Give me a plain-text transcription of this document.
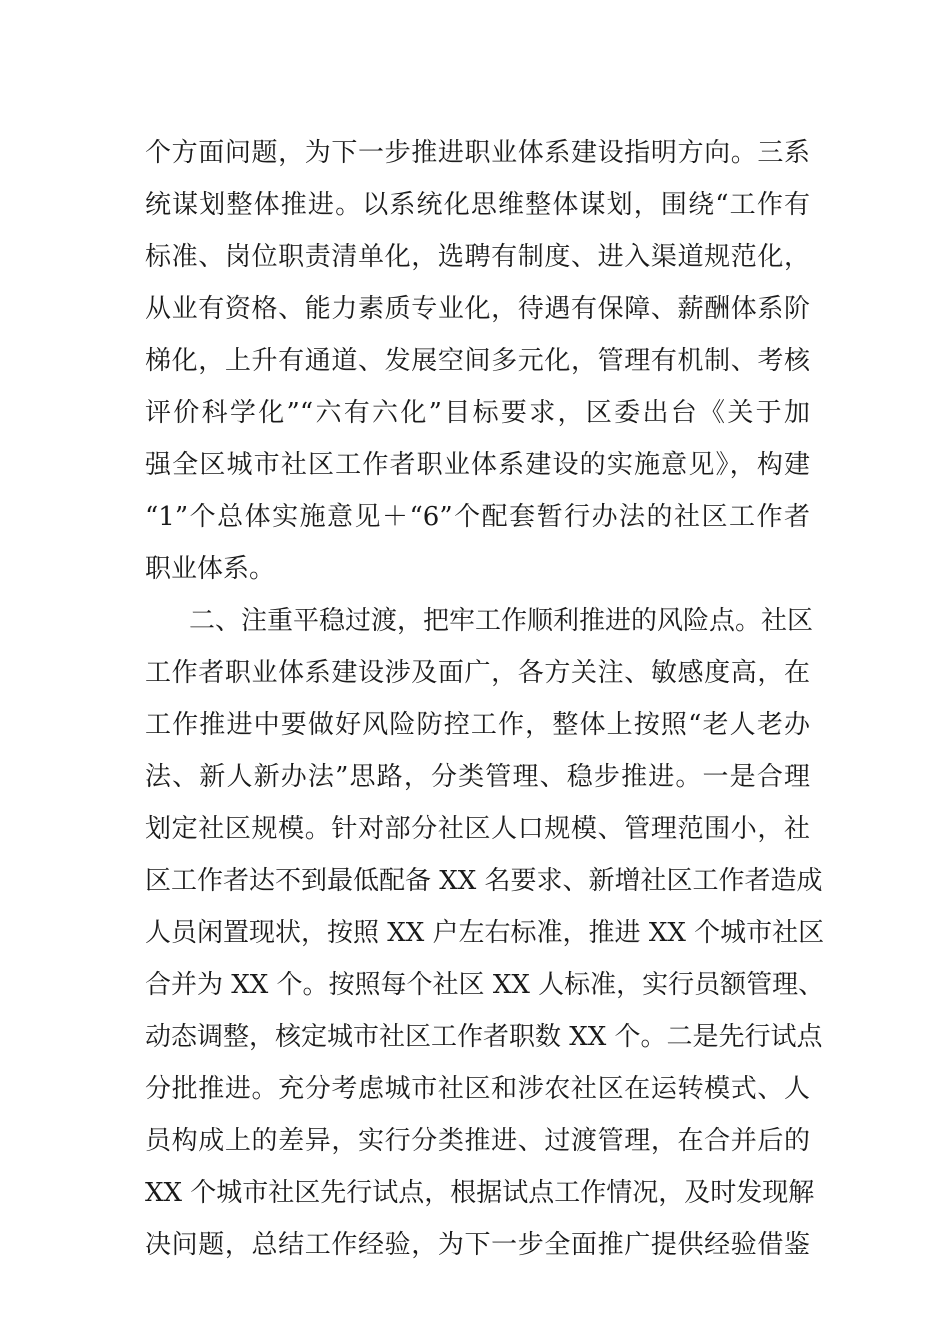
个方面问题，为下一步推进职业体系建设指明方向。三系
统谋划整体推进。以系统化思维整体谋划，围绕“工作有
标准、岗位职责清单化，选聘有制度、进入渠道规范化，
从业有资格、能力素质专业化，待遇有保障、薪酬体系阶
梯化，上升有通道、发展空间多元化，管理有机制、考核
评价科学化”“六有六化”目标要求，区委出台《关于加
强全区城市社区工作者职业体系建设的实施意见》，构建
“1”个总体实施意见＋“6”个配套暂行办法的社区工作者
职业体系。
二、注重平稳过渡，把牢工作顺利推进的风险点。社区
工作者职业体系建设涉及面广，各方关注、敏感度高，在
工作推进中要做好风险防控工作，整体上按照“老人老办
法、新人新办法”思路，分类管理、稳步推进。一是合理
划定社区规模。针对部分社区人口规模、管理范围小，社
区工作者达不到最低配备 XX 名要求、新增社区工作者造成
人员闲置现状，按照 XX 户左右标准，推进 XX 个城市社区
合并为 XX 个。按照每个社区 XX 人标准，实行员额管理、
动态调整，核定城市社区工作者职数 XX 个。二是先行试点
分批推进。充分考虑城市社区和涉农社区在运转模式、人
员构成上的差异，实行分类推进、过渡管理，在合并后的
XX 个城市社区先行试点，根据试点工作情况，及时发现解
决问题，总结工作经验，为下一步全面推广提供经验借鉴
